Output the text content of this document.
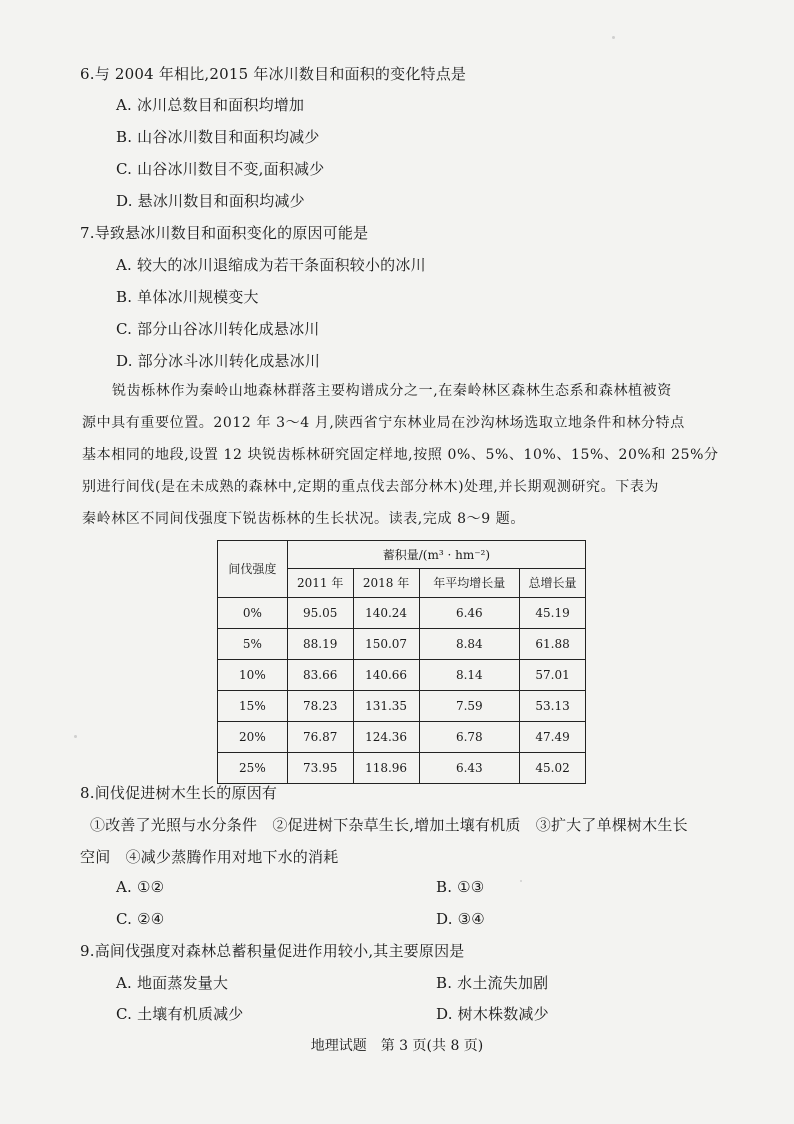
6.与 2004 年相比,2015 年冰川数目和面积的变化特点是
A. 冰川总数目和面积均增加
B. 山谷冰川数目和面积均减少
C. 山谷冰川数目不变,面积减少
D. 悬冰川数目和面积均减少
7.导致悬冰川数目和面积变化的原因可能是
A. 较大的冰川退缩成为若干条面积较小的冰川
B. 单体冰川规模变大
C. 部分山谷冰川转化成悬冰川
D. 部分冰斗冰川转化成悬冰川
锐齿栎林作为秦岭山地森林群落主要构谱成分之一,在秦岭林区森林生态系和森林植被资
源中具有重要位置。2012 年 3～4 月,陕西省宁东林业局在沙沟林场选取立地条件和林分特点
基本相同的地段,设置 12 块锐齿栎林研究固定样地,按照 0%、5%、10%、15%、20%和 25%分
别进行间伐(是在未成熟的森林中,定期的重点伐去部分林木)处理,并长期观测研究。下表为
秦岭林区不同间伐强度下锐齿栎林的生长状况。读表,完成 8～9 题。
间伐强度	蓄积量/(m³ · hm⁻²)			
	2011 年	2018 年	年平均增长量	总增长量
0%	95.05	140.24	6.46	45.19
5%	88.19	150.07	8.84	61.88
10%	83.66	140.66	8.14	57.01
15%	78.23	131.35	7.59	53.13
20%	76.87	124.36	6.78	47.49
25%	73.95	118.96	6.43	45.02
8.间伐促进树木生长的原因有
①改善了光照与水分条件　②促进树下杂草生长,增加土壤有机质　③扩大了单棵树木生长
空间　④减少蒸腾作用对地下水的消耗
A. ①②	B. ①③
C. ②④	D. ③④
9.高间伐强度对森林总蓄积量促进作用较小,其主要原因是
A. 地面蒸发量大	B. 水土流失加剧
C. 土壤有机质减少	D. 树木株数减少
地理试题　第 3 页(共 8 页)
